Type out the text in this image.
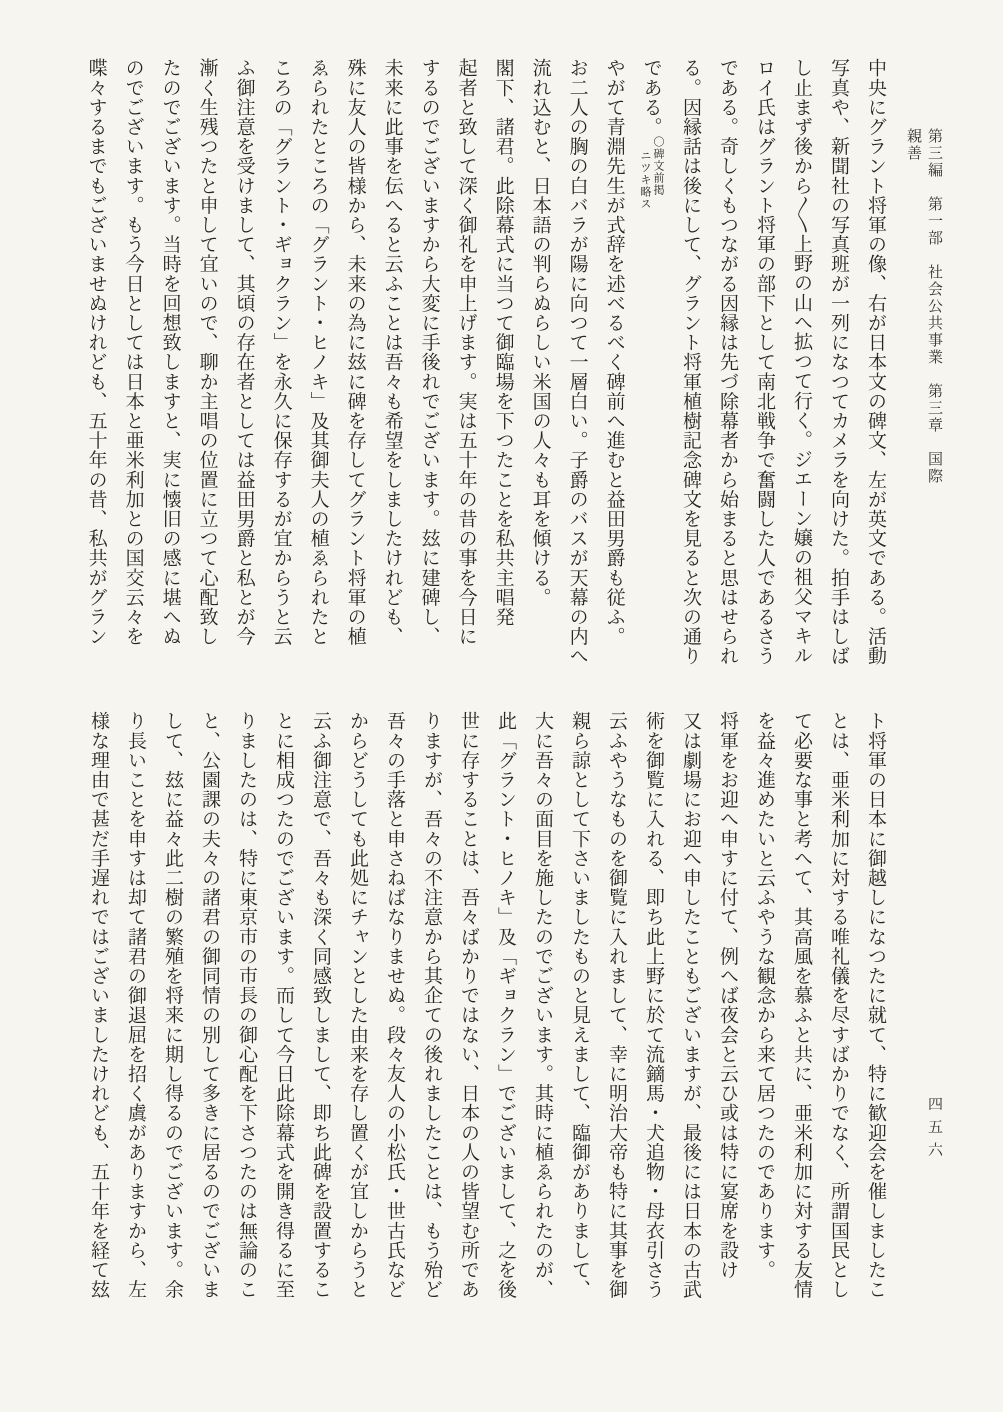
第三編　第一部　社会公共事業　第三章　国際親善
四五六

中央にグラント将軍の像、右が日本文の碑文、左が英文である。活動

写真や、新聞社の写真班が一列になつてカメラを向けた。拍手はしば

し止まず後から〳〵上野の山へ拡つて行く。ジエーン嬢の祖父マキル

ロイ氏はグラント将軍の部下として南北戦争で奮闘した人であるさう

である。奇しくもつながる因縁は先づ除幕者から始まると思はせられ

る。因縁話は後にして、グラント将軍植樹記念碑文を見ると次の通り

である。
〇碑文前掲
ニツキ略ス

やがて青淵先生が式辞を述べるべく碑前へ進むと益田男爵も従ふ。

お二人の胸の白バラが陽に向つて一層白い。子爵のバスが天幕の内へ

流れ込むと、日本語の判らぬらしい米国の人々も耳を傾ける。

閣下、諸君。此除幕式に当つて御臨場を下つたことを私共主唱発

起者と致して深く御礼を申上げます。実は五十年の昔の事を今日に

するのでございますから大変に手後れでございます。玆に建碑し、

未来に此事を伝へると云ふことは吾々も希望をしましたけれども、

殊に友人の皆様から、未来の為に玆に碑を存してグラント将軍の植

ゑられたところの「グラント・ヒノキ」及其御夫人の植ゑられたと

ころの「グラント・ギョクラン」を永久に保存するが宜からうと云

ふ御注意を受けまして、其頃の存在者としては益田男爵と私とが今

漸く生残つたと申して宜いので、聊か主唱の位置に立つて心配致し

たのでございます。当時を回想致しますと、実に懐旧の感に堪へぬ

のでございます。もう今日としては日本と亜米利加との国交云々を

喋々するまでもございませぬけれども、五十年の昔、私共がグラン

ト将軍の日本に御越しになつたに就て、特に歓迎会を催しましたこ

とは、亜米利加に対する唯礼儀を尽すばかりでなく、所謂国民とし

て必要な事と考へて、其高風を慕ふと共に、亜米利加に対する友情

を益々進めたいと云ふやうな観念から来て居つたのであります。

将軍をお迎へ申すに付て、例へば夜会と云ひ或は特に宴席を設け

又は劇場にお迎へ申したこともございますが、最後には日本の古武

術を御覧に入れる、即ち此上野に於て流鏑馬・犬追物・母衣引さう

云ふやうなものを御覧に入れまして、幸に明治大帝も特に其事を御

親ら諒として下さいましたものと見えまして、臨御がありまして、

大に吾々の面目を施したのでございます。其時に植ゑられたのが、

此「グラント・ヒノキ」及「ギョクラン」でございまして、之を後

世に存することは、吾々ばかりではない、日本の人の皆望む所であ

りますが、吾々の不注意から其企ての後れましたことは、もう殆ど

吾々の手落と申さねばなりませぬ。段々友人の小松氏・世古氏など

からどうしても此処にチャンとした由来を存し置くが宜しからうと

云ふ御注意で、吾々も深く同感致しまして、即ち此碑を設置するこ

とに相成つたのでございます。而して今日此除幕式を開き得るに至

りましたのは、特に東京市の市長の御心配を下さつたのは無論のこ

と、公園課の夫々の諸君の御同情の別して多きに居るのでございま

して、玆に益々此二樹の繁殖を将来に期し得るのでございます。余

り長いことを申すは却て諸君の御退屈を招く虞がありますから、左

様な理由で甚だ手遅れではございましたけれども、五十年を経て玆
